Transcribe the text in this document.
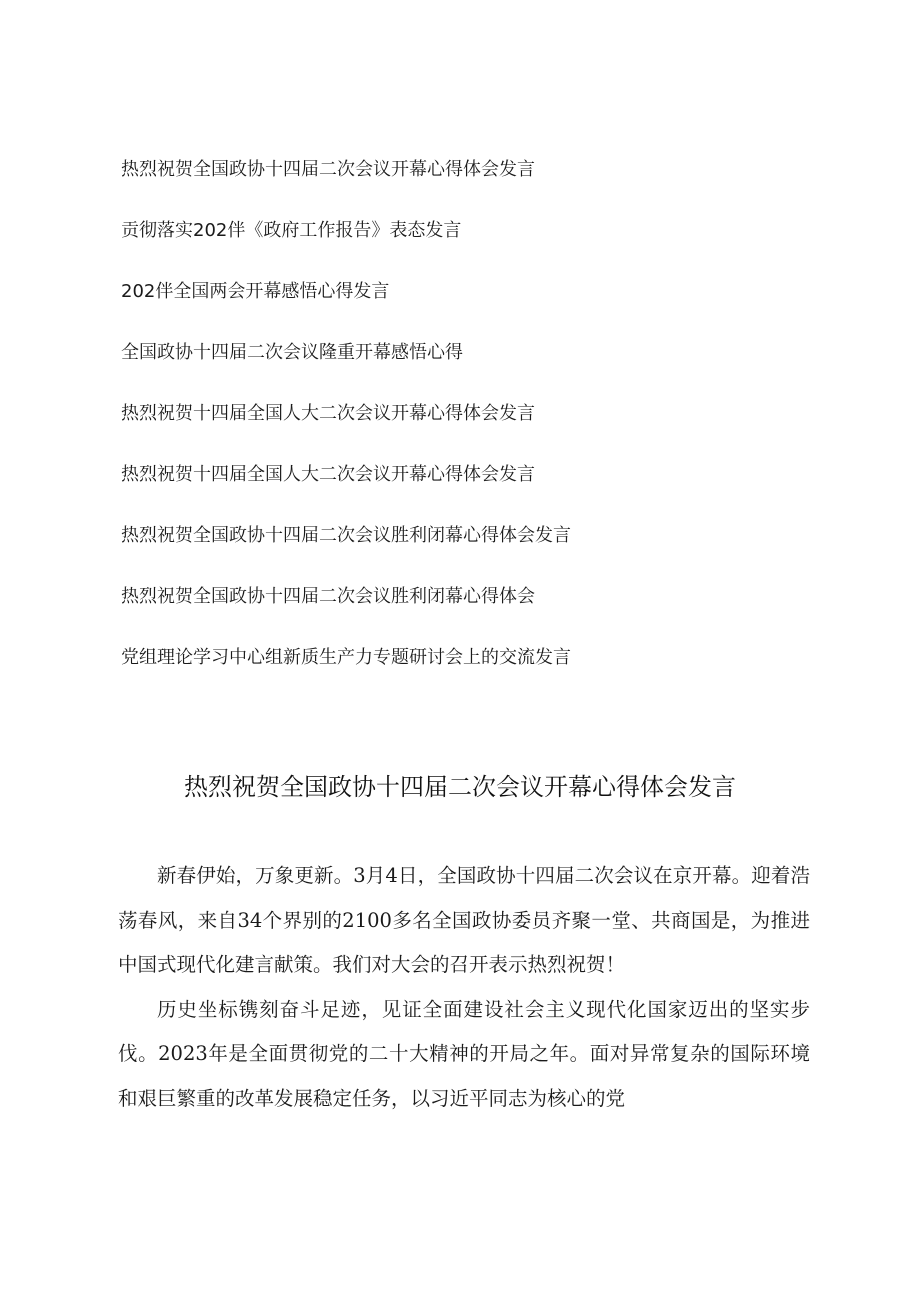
热烈祝贺全国政协十四届二次会议开幕心得体会发言
贡彻落实202伴《政府工作报告》表态发言
202伴全国两会开幕感悟心得发言
全国政协十四届二次会议隆重开幕感悟心得
热烈祝贺十四届全国人大二次会议开幕心得体会发言
热烈祝贺十四届全国人大二次会议开幕心得体会发言
热烈祝贺全国政协十四届二次会议胜利闭幕心得体会发言
热烈祝贺全国政协十四届二次会议胜利闭幕心得体会
党组理论学习中心组新质生产力专题研讨会上的交流发言
热烈祝贺全国政协十四届二次会议开幕心得体会发言

新春伊始，万象更新。3月4日，全国政协十四届二次会议在京开幕。迎着浩荡春风，来自34个界别的2100多名全国政协委员齐聚一堂、共商国是，为推进中国式现代化建言献策。我们对大会的召开表示热烈祝贺！

历史坐标镌刻奋斗足迹，见证全面建设社会主义现代化国家迈出的坚实步伐。2023年是全面贯彻党的二十大精神的开局之年。面对异常复杂的国际环境和艰巨繁重的改革发展稳定任务，以习近平同志为核心的党
